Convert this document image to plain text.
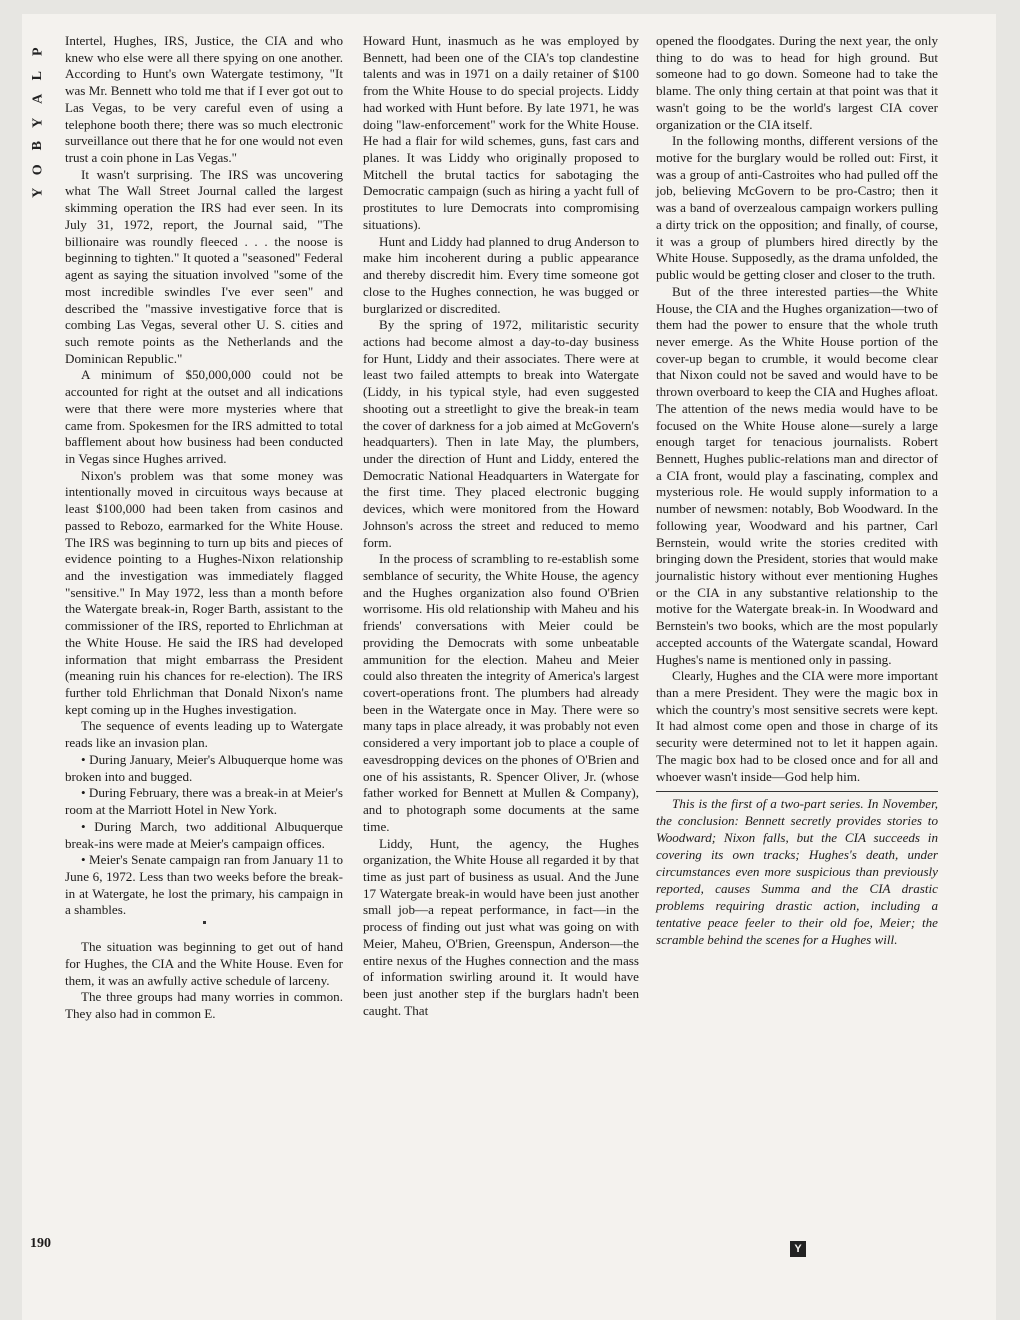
P
L
A
Y
B
O
Y
190

Intertel, Hughes, IRS, Justice, the CIA and who knew who else were all there spying on one another. According to Hunt's own Watergate testimony, "It was Mr. Bennett who told me that if I ever got out to Las Vegas, to be very careful even of using a telephone booth there; there was so much electronic surveillance out there that he for one would not even trust a coin phone in Las Vegas."

It wasn't surprising. The IRS was uncovering what The Wall Street Journal called the largest skimming operation the IRS had ever seen. In its July 31, 1972, report, the Journal said, "The billionaire was roundly fleeced . . . the noose is beginning to tighten." It quoted a "seasoned" Federal agent as saying the situation involved "some of the most incredible swindles I've ever seen" and described the "massive investigative force that is combing Las Vegas, several other U. S. cities and such remote points as the Netherlands and the Dominican Republic."

A minimum of $50,000,000 could not be accounted for right at the outset and all indications were that there were more mysteries where that came from. Spokesmen for the IRS admitted to total bafflement about how business had been conducted in Vegas since Hughes arrived.

Nixon's problem was that some money was intentionally moved in circuitous ways because at least $100,000 had been taken from casinos and passed to Rebozo, earmarked for the White House. The IRS was beginning to turn up bits and pieces of evidence pointing to a Hughes-Nixon relationship and the investigation was immediately flagged "sensitive." In May 1972, less than a month before the Watergate break-in, Roger Barth, assistant to the commissioner of the IRS, reported to Ehrlichman at the White House. He said the IRS had developed information that might embarrass the President (meaning ruin his chances for re-election). The IRS further told Ehrlichman that Donald Nixon's name kept coming up in the Hughes investigation.

The sequence of events leading up to Watergate reads like an invasion plan.

• During January, Meier's Albuquerque home was broken into and bugged.

• During February, there was a break-in at Meier's room at the Marriott Hotel in New York.

• During March, two additional Albuquerque break-ins were made at Meier's campaign offices.

• Meier's Senate campaign ran from January 11 to June 6, 1972. Less than two weeks before the break-in at Watergate, he lost the primary, his campaign in a shambles.

The situation was beginning to get out of hand for Hughes, the CIA and the White House. Even for them, it was an awfully active schedule of larceny.

The three groups had many worries in common. They also had in common E.

Howard Hunt, inasmuch as he was employed by Bennett, had been one of the CIA's top clandestine talents and was in 1971 on a daily retainer of $100 from the White House to do special projects. Liddy had worked with Hunt before. By late 1971, he was doing "law-enforcement" work for the White House. He had a flair for wild schemes, guns, fast cars and planes. It was Liddy who originally proposed to Mitchell the brutal tactics for sabotaging the Democratic campaign (such as hiring a yacht full of prostitutes to lure Democrats into compromising situations).

Hunt and Liddy had planned to drug Anderson to make him incoherent during a public appearance and thereby discredit him. Every time someone got close to the Hughes connection, he was bugged or burglarized or discredited.

By the spring of 1972, militaristic security actions had become almost a day-to-day business for Hunt, Liddy and their associates. There were at least two failed attempts to break into Watergate (Liddy, in his typical style, had even suggested shooting out a streetlight to give the break-in team the cover of darkness for a job aimed at McGovern's headquarters). Then in late May, the plumbers, under the direction of Hunt and Liddy, entered the Democratic National Headquarters in Watergate for the first time. They placed electronic bugging devices, which were monitored from the Howard Johnson's across the street and reduced to memo form.

In the process of scrambling to re-establish some semblance of security, the White House, the agency and the Hughes organization also found O'Brien worrisome. His old relationship with Maheu and his friends' conversations with Meier could be providing the Democrats with some unbeatable ammunition for the election. Maheu and Meier could also threaten the integrity of America's largest covert-operations front. The plumbers had already been in the Watergate once in May. There were so many taps in place already, it was probably not even considered a very important job to place a couple of eavesdropping devices on the phones of O'Brien and one of his assistants, R. Spencer Oliver, Jr. (whose father worked for Bennett at Mullen & Company), and to photograph some documents at the same time.

Liddy, Hunt, the agency, the Hughes organization, the White House all regarded it by that time as just part of business as usual. And the June 17 Watergate break-in would have been just another small job—a repeat performance, in fact—in the process of finding out just what was going on with Meier, Maheu, O'Brien, Greenspun, Anderson—the entire nexus of the Hughes connection and the mass of information swirling around it. It would have been just another step if the burglars hadn't been caught. That

opened the floodgates. During the next year, the only thing to do was to head for high ground. But someone had to go down. Someone had to take the blame. The only thing certain at that point was that it wasn't going to be the world's largest CIA cover organization or the CIA itself.

In the following months, different versions of the motive for the burglary would be rolled out: First, it was a group of anti-Castroites who had pulled off the job, believing McGovern to be pro-Castro; then it was a band of overzealous campaign workers pulling a dirty trick on the opposition; and finally, of course, it was a group of plumbers hired directly by the White House. Supposedly, as the drama unfolded, the public would be getting closer and closer to the truth.

But of the three interested parties—the White House, the CIA and the Hughes organization—two of them had the power to ensure that the whole truth never emerge. As the White House portion of the cover-up began to crumble, it would become clear that Nixon could not be saved and would have to be thrown overboard to keep the CIA and Hughes afloat. The attention of the news media would have to be focused on the White House alone—surely a large enough target for tenacious journalists. Robert Bennett, Hughes public-relations man and director of a CIA front, would play a fascinating, complex and mysterious role. He would supply information to a number of newsmen: notably, Bob Woodward. In the following year, Woodward and his partner, Carl Bernstein, would write the stories credited with bringing down the President, stories that would make journalistic history without ever mentioning Hughes or the CIA in any substantive relationship to the motive for the Watergate break-in. In Woodward and Bernstein's two books, which are the most popularly accepted accounts of the Watergate scandal, Howard Hughes's name is mentioned only in passing.

Clearly, Hughes and the CIA were more important than a mere President. They were the magic box in which the country's most sensitive secrets were kept. It had almost come open and those in charge of its security were determined not to let it happen again. The magic box had to be closed once and for all and whoever wasn't inside—God help him.

This is the first of a two-part series. In November, the conclusion: Bennett secretly provides stories to Woodward; Nixon falls, but the CIA succeeds in covering its own tracks; Hughes's death, under circumstances even more suspicious than previously reported, causes Summa and the CIA drastic problems requiring drastic action, including a tentative peace feeler to their old foe, Meier; the scramble behind the scenes for a Hughes will.

Y
